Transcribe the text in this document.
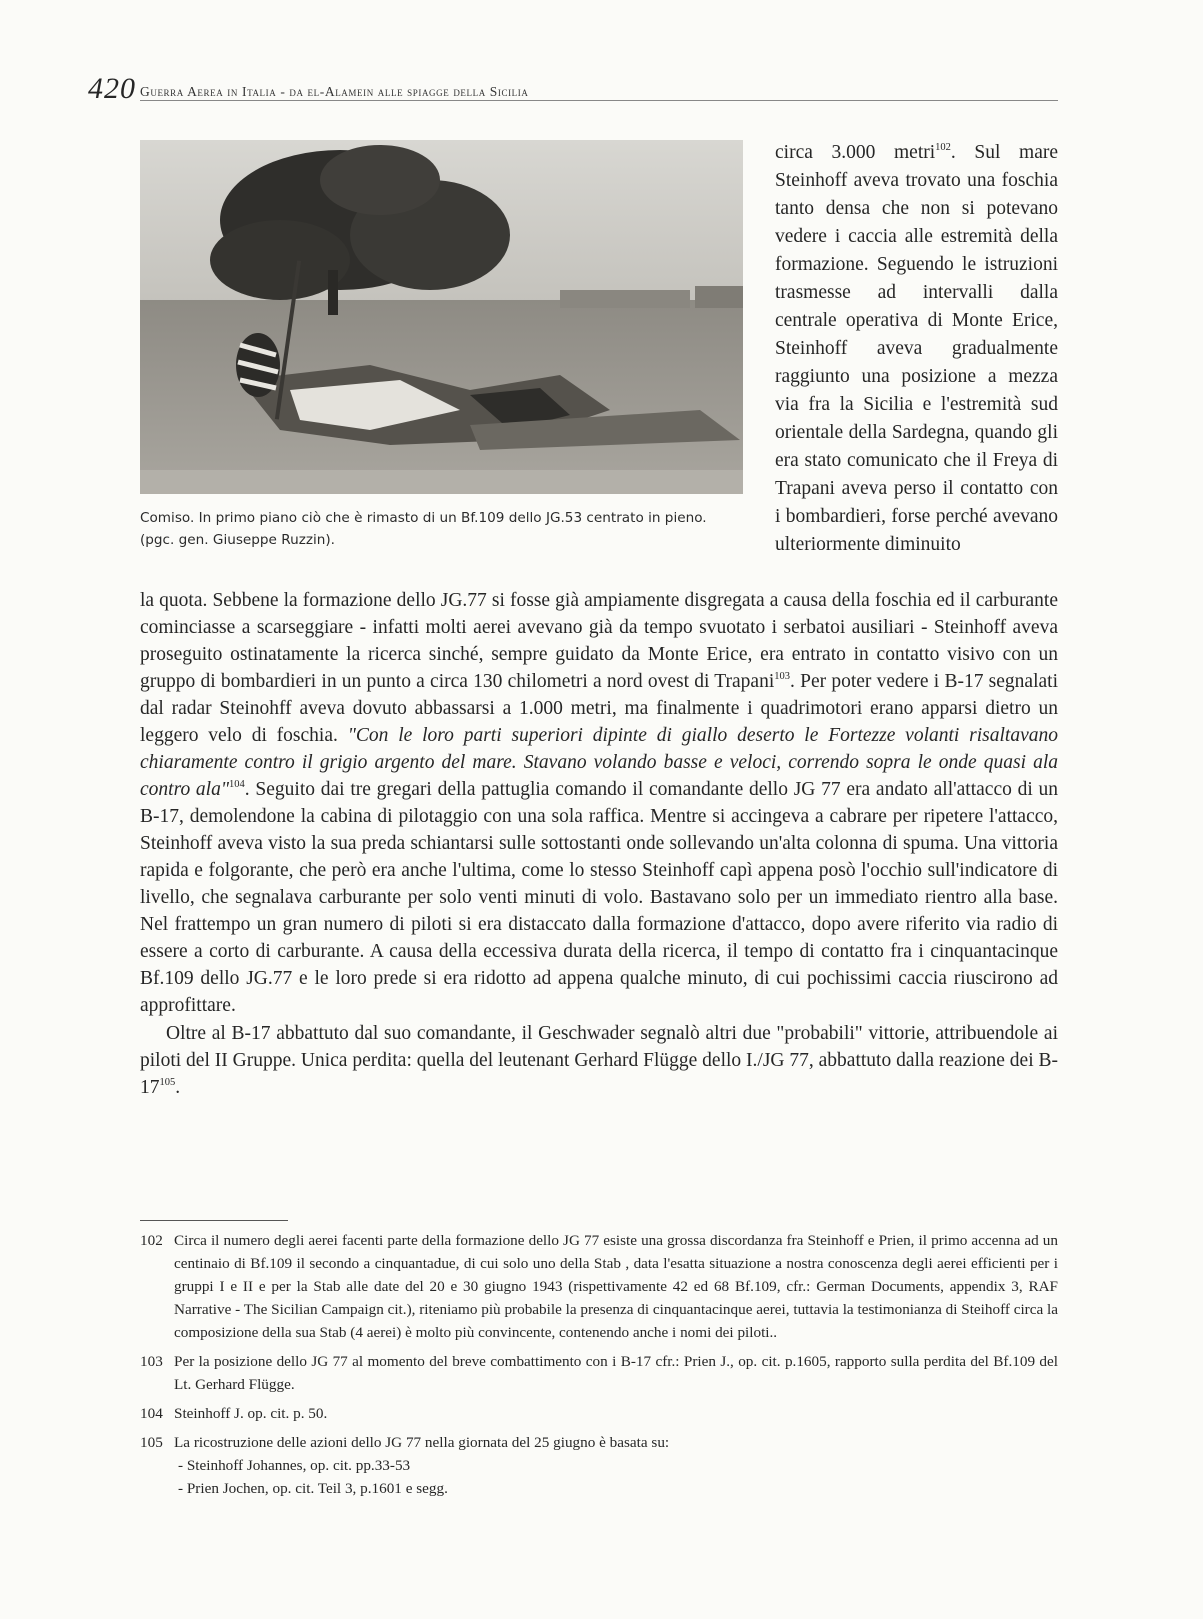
420 Guerra Aerea in Italia - da el-Alamein alle spiagge della Sicilia
Comiso. In primo piano ciò che è rimasto di un Bf.109 dello JG.53 centrato in pieno.
(pgc. gen. Giuseppe Ruzzin).
circa 3.000 metri$^{102}$. Sul mare Steinhoff aveva trovato una foschia tanto densa che non si potevano vedere i caccia alle estremità della formazione. Seguendo le istruzioni trasmesse ad intervalli dalla centrale operativa di Monte Erice, Steinhoff aveva gradualmente raggiunto una posizione a mezza via fra la Sicilia e l'estremità sud orientale della Sardegna, quando gli era stato comunicato che il Freya di Trapani aveva perso il contatto con i bombardieri, forse perché avevano ulteriormente diminuito

la quota. Sebbene la formazione dello JG.77 si fosse già ampiamente disgregata a causa della foschia ed il carburante cominciasse a scarseggiare - infatti molti aerei avevano già da tempo svuotato i serbatoi ausiliari - Steinhoff aveva proseguito ostinatamente la ricerca sinché, sempre guidato da Monte Erice, era entrato in contatto visivo con un gruppo di bombardieri in un punto a circa 130 chilometri a nord ovest di Trapani$^{103}$. Per poter vedere i B-17 segnalati dal radar Steinohff aveva dovuto abbassarsi a 1.000 metri, ma finalmente i quadrimotori erano apparsi dietro un leggero velo di foschia. "Con le loro parti superiori dipinte di giallo deserto le Fortezze volanti risaltavano chiaramente contro il grigio argento del mare. Stavano volando basse e veloci, correndo sopra le onde quasi ala contro ala"$^{104}$. Seguito dai tre gregari della pattuglia comando il comandante dello JG 77 era andato all'attacco di un B-17, demolendone la cabina di pilotaggio con una sola raffica. Mentre si accingeva a cabrare per ripetere l'attacco, Steinhoff aveva visto la sua preda schiantarsi sulle sottostanti onde sollevando un'alta colonna di spuma. Una vittoria rapida e folgorante, che però era anche l'ultima, come lo stesso Steinhoff capì appena posò l'occhio sull'indicatore di livello, che segnalava carburante per solo venti minuti di volo. Bastavano solo per un immediato rientro alla base. Nel frattempo un gran numero di piloti si era distaccato dalla formazione d'attacco, dopo avere riferito via radio di essere a corto di carburante. A causa della eccessiva durata della ricerca, il tempo di contatto fra i cinquantacinque Bf.109 dello JG.77 e le loro prede si era ridotto ad appena qualche minuto, di cui pochissimi caccia riuscirono ad approfittare.

Oltre al B-17 abbattuto dal suo comandante, il Geschwader segnalò altri due "probabili" vittorie, attribuendole ai piloti del II Gruppe. Unica perdita: quella del leutenant Gerhard Flügge dello I./JG 77, abbattuto dalla reazione dei $B-17^{105}$.

102 Circa il numero degli aerei facenti parte della formazione dello JG 77 esiste una grossa discordanza fra Steinhoff e Prien, il primo accenna ad un centinaio di Bf.109 il secondo a cinquantadue, di cui solo uno della Stab , data l'esatta situazione a nostra conoscenza degli aerei efficienti per i gruppi I e II e per la Stab alle date del 20 e 30 giugno 1943 (rispettivamente 42 ed 68 Bf.109, cfr.: German Documents, appendix 3, RAF Narrative - The Sicilian Campaign cit.), riteniamo più probabile la presenza di cinquantacinque aerei, tuttavia la testimonianza di Steihoff circa la composizione della sua Stab (4 aerei) è molto più convincente, contenendo anche i nomi dei piloti..
103 Per la posizione dello JG 77 al momento del breve combattimento con i B-17 cfr.: Prien J., op. cit. p.1605, rapporto sulla perdita del Bf.109 del Lt. Gerhard Flügge.
104 Steinhoff J. op. cit. p. 50.
105 La ricostruzione delle azioni dello JG 77 nella giornata del 25 giugno è basata su:
- Steinhoff Johannes, op. cit. pp.33-53
- Prien Jochen, op. cit. Teil 3, p.1601 e segg.
